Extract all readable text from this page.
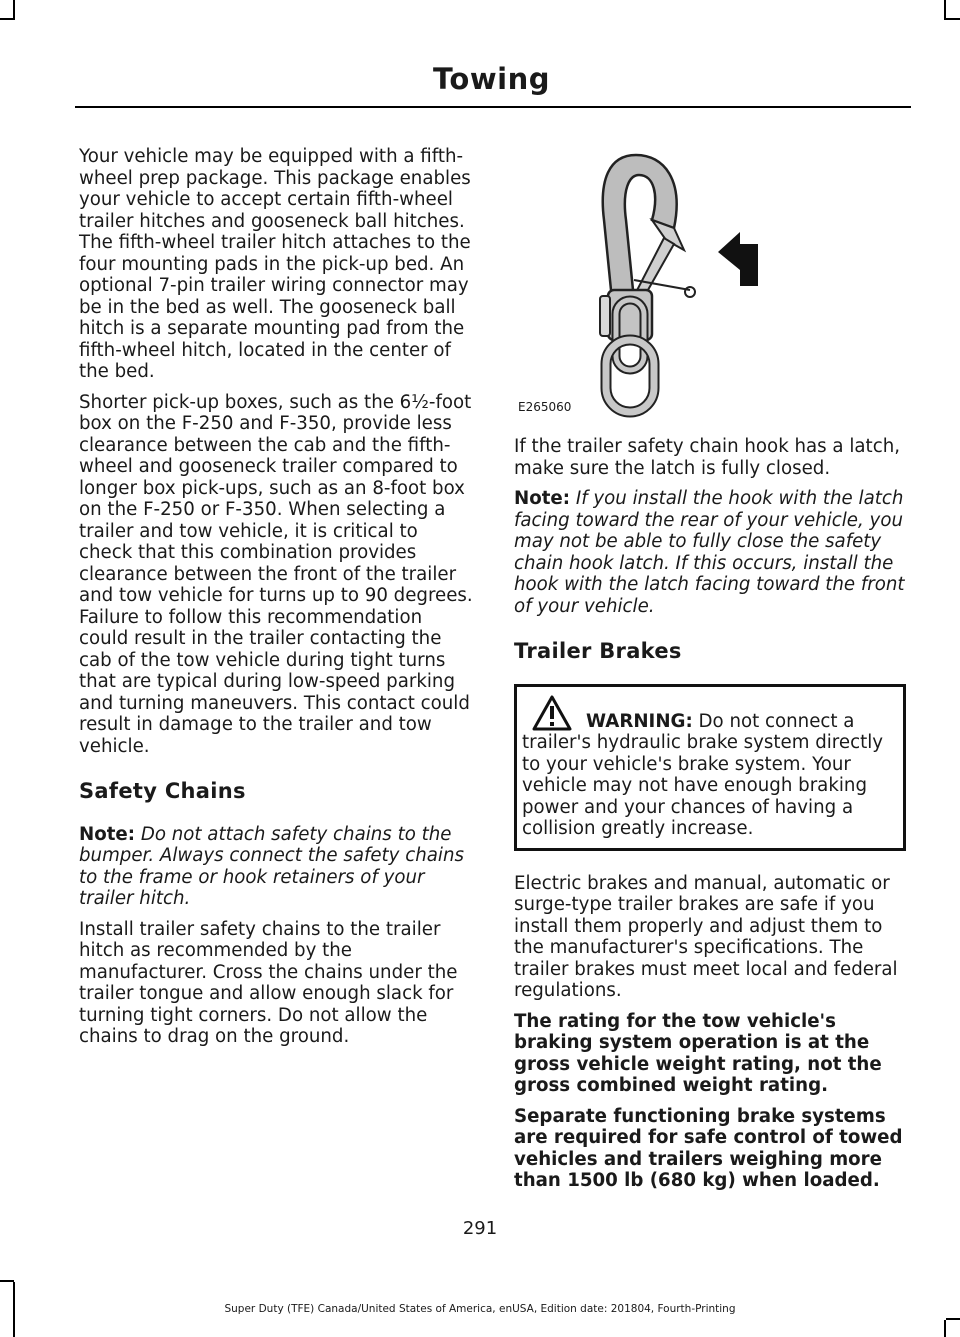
Towing

Your vehicle may be equipped with a fifth-wheel prep package. This package enables your vehicle to accept certain fifth-wheel trailer hitches and gooseneck ball hitches. The fifth-wheel trailer hitch attaches to the four mounting pads in the pick-up bed. An optional 7-pin trailer wiring connector may be in the bed as well. The gooseneck ball hitch is a separate mounting pad from the fifth-wheel hitch, located in the center of the bed.

Shorter pick-up boxes, such as the 6½-foot box on the F-250 and F-350, provide less clearance between the cab and the fifth-wheel and gooseneck trailer compared to longer box pick-ups, such as an 8-foot box on the F-250 or F-350. When selecting a trailer and tow vehicle, it is critical to check that this combination provides clearance between the front of the trailer and tow vehicle for turns up to 90 degrees. Failure to follow this recommendation could result in the trailer contacting the cab of the tow vehicle during tight turns that are typical during low-speed parking and turning maneuvers. This contact could result in damage to the trailer and tow vehicle.

Safety Chains

Note: Do not attach safety chains to the bumper. Always connect the safety chains to the frame or hook retainers of your trailer hitch.

Install trailer safety chains to the trailer hitch as recommended by the manufacturer. Cross the chains under the trailer tongue and allow enough slack for turning tight corners. Do not allow the chains to drag on the ground.

E265060

If the trailer safety chain hook has a latch, make sure the latch is fully closed.

Note: If you install the hook with the latch facing toward the rear of your vehicle, you may not be able to fully close the safety chain hook latch. If this occurs, install the hook with the latch facing toward the front of your vehicle.

Trailer Brakes
WARNING: Do not connect a trailer's hydraulic brake system directly to your vehicle's brake system. Your vehicle may not have enough braking power and your chances of having a collision greatly increase.

Electric brakes and manual, automatic or surge-type trailer brakes are safe if you install them properly and adjust them to the manufacturer's specifications. The trailer brakes must meet local and federal regulations.

The rating for the tow vehicle's braking system operation is at the gross vehicle weight rating, not the gross combined weight rating.

Separate functioning brake systems are required for safe control of towed vehicles and trailers weighing more than 1500 lb (680 kg) when loaded.

291
Super Duty (TFE) Canada/United States of America, enUSA, Edition date: 201804, Fourth-Printing
